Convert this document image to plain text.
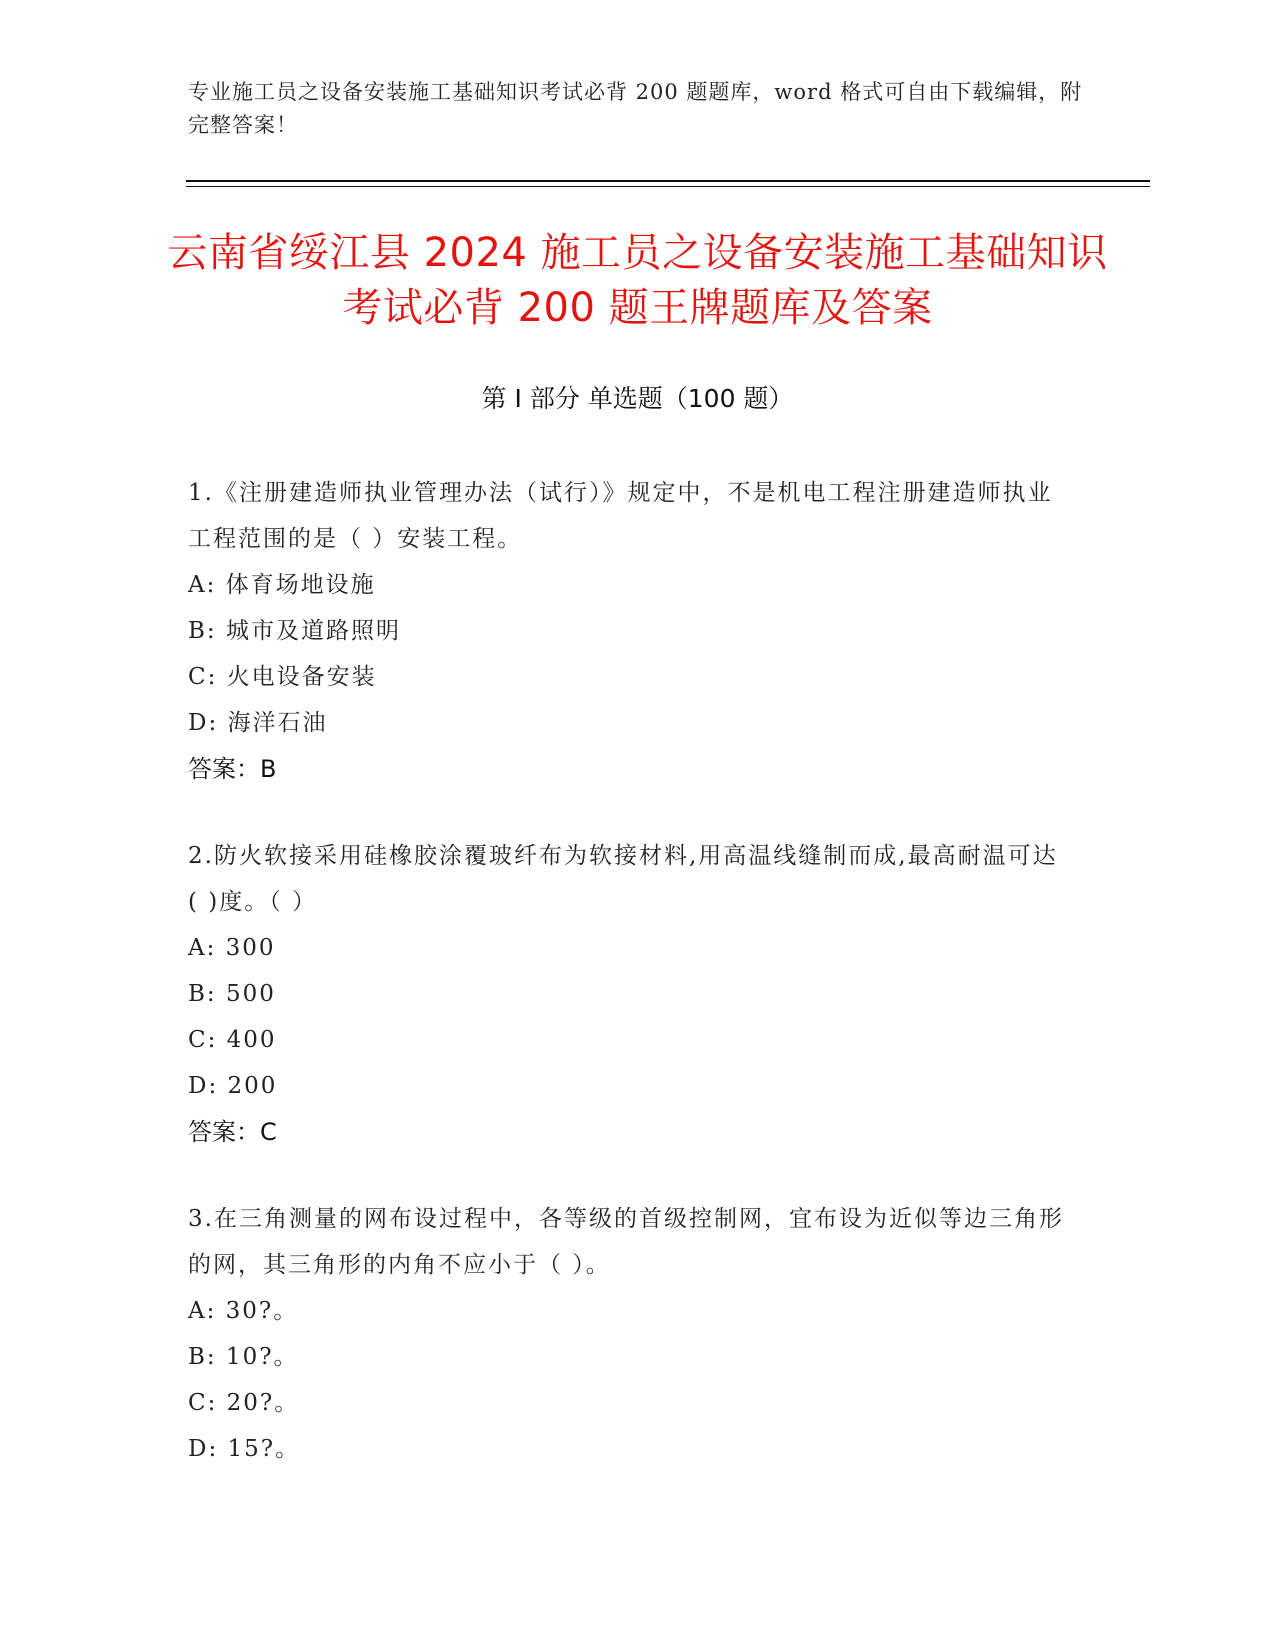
专业施工员之设备安装施工基础知识考试必背 200 题题库，word 格式可自由下载编辑，附完整答案！
云南省绥江县 2024 施工员之设备安装施工基础知识考试必背 200 题王牌题库及答案
第 I 部分 单选题（100 题）
1.《注册建造师执业管理办法（试行）》规定中，不是机电工程注册建造师执业工程范围的是（ ）安装工程。
A: 体育场地设施
B: 城市及道路照明
C: 火电设备安装
D: 海洋石油
答案：B
2.防火软接采用硅橡胶涂覆玻纤布为软接材料,用高温线缝制而成,最高耐温可达( )度。（ ）
A: 300
B: 500
C: 400
D: 200
答案：C
3.在三角测量的网布设过程中，各等级的首级控制网，宜布设为近似等边三角形的网，其三角形的内角不应小于（ ）。
A: 30?。
B: 10?。
C: 20?。
D: 15?。
